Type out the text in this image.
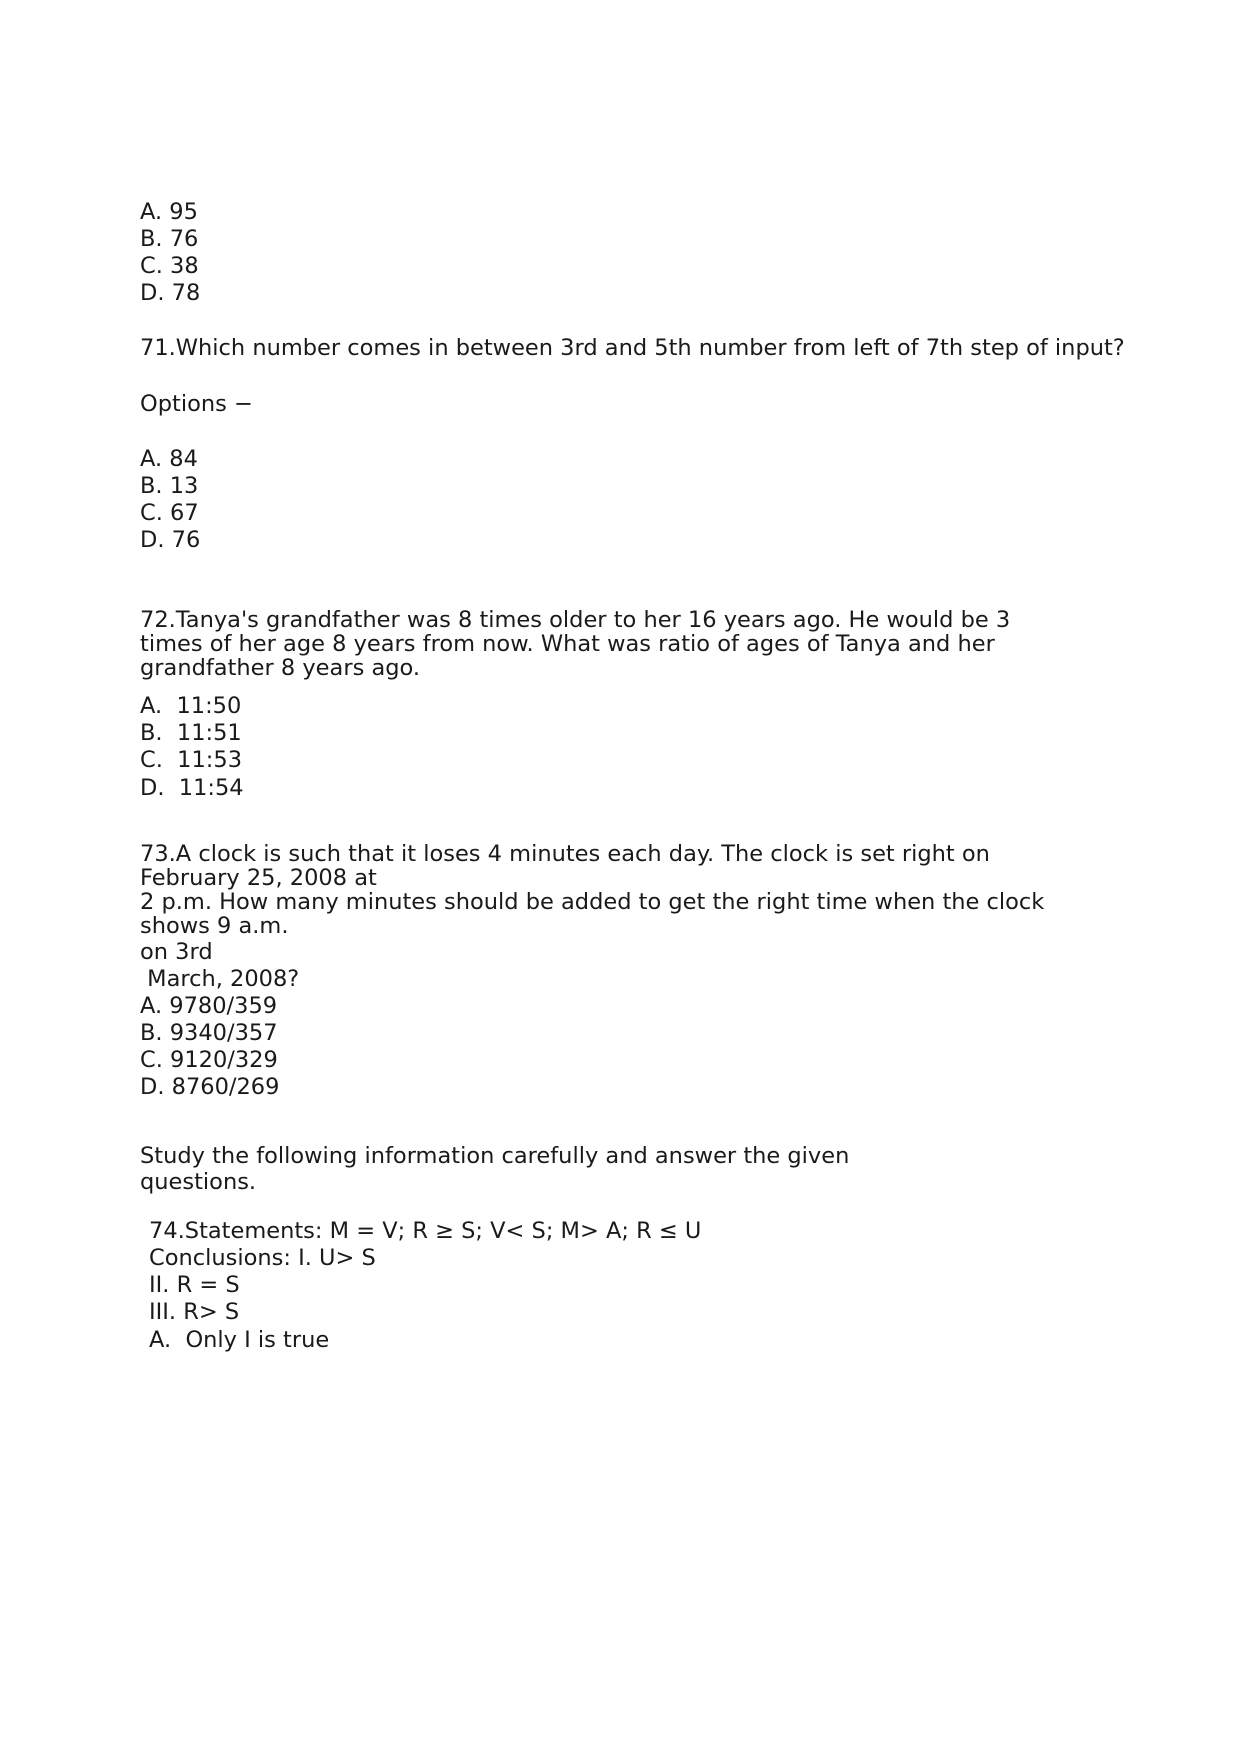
A. 95
B. 76
C. 38
D. 78
71.Which number comes in between 3rd and 5th number from left of 7th step of input?
Options −
A. 84
B. 13
C. 67
D. 76
72.Tanya's grandfather was 8 times older to her 16 years ago. He would be 3
times of her age 8 years from now. What was ratio of ages of Tanya and her
grandfather 8 years ago.
A.  11:50
B.  11:51
C.  11:53
D.  11:54
73.A clock is such that it loses 4 minutes each day. The clock is set right on
February 25, 2008 at
2 p.m. How many minutes should be added to get the right time when the clock
shows 9 a.m.
on 3rd
March, 2008?
A. 9780/359
B. 9340/357
C. 9120/329
D. 8760/269
Study the following information carefully and answer the given
questions.
74.Statements: M = V; R ≥ S; V< S; M> A; R ≤ U
Conclusions: I. U> S
II. R = S
III. R> S
A.  Only I is true
